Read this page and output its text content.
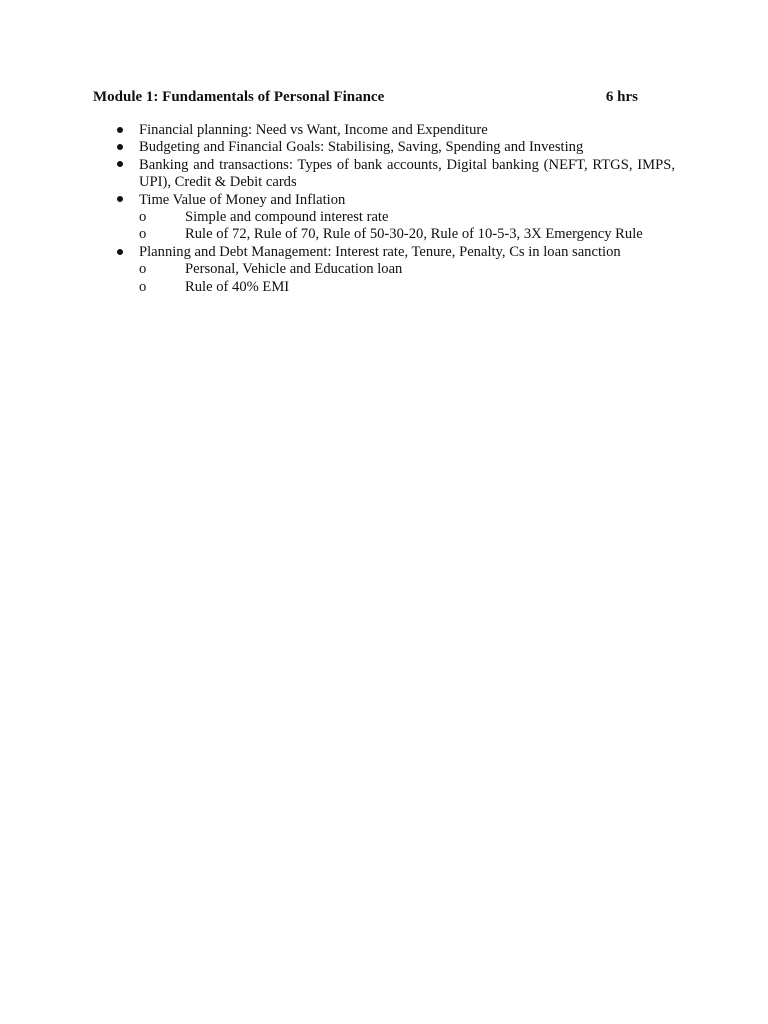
Module 1: Fundamentals of Personal Finance	6 hrs
Financial planning: Need vs Want, Income and Expenditure
Budgeting and Financial Goals: Stabilising, Saving, Spending and Investing
Banking and transactions: Types of bank accounts, Digital banking (NEFT, RTGS, IMPS, UPI), Credit & Debit cards
Time Value of Money and Inflation
o	Simple and compound interest rate
o	Rule of 72, Rule of 70, Rule of 50-30-20, Rule of 10-5-3, 3X Emergency Rule
Planning and Debt Management: Interest rate, Tenure, Penalty, Cs in loan sanction
o	Personal, Vehicle and Education loan
o	Rule of 40% EMI
